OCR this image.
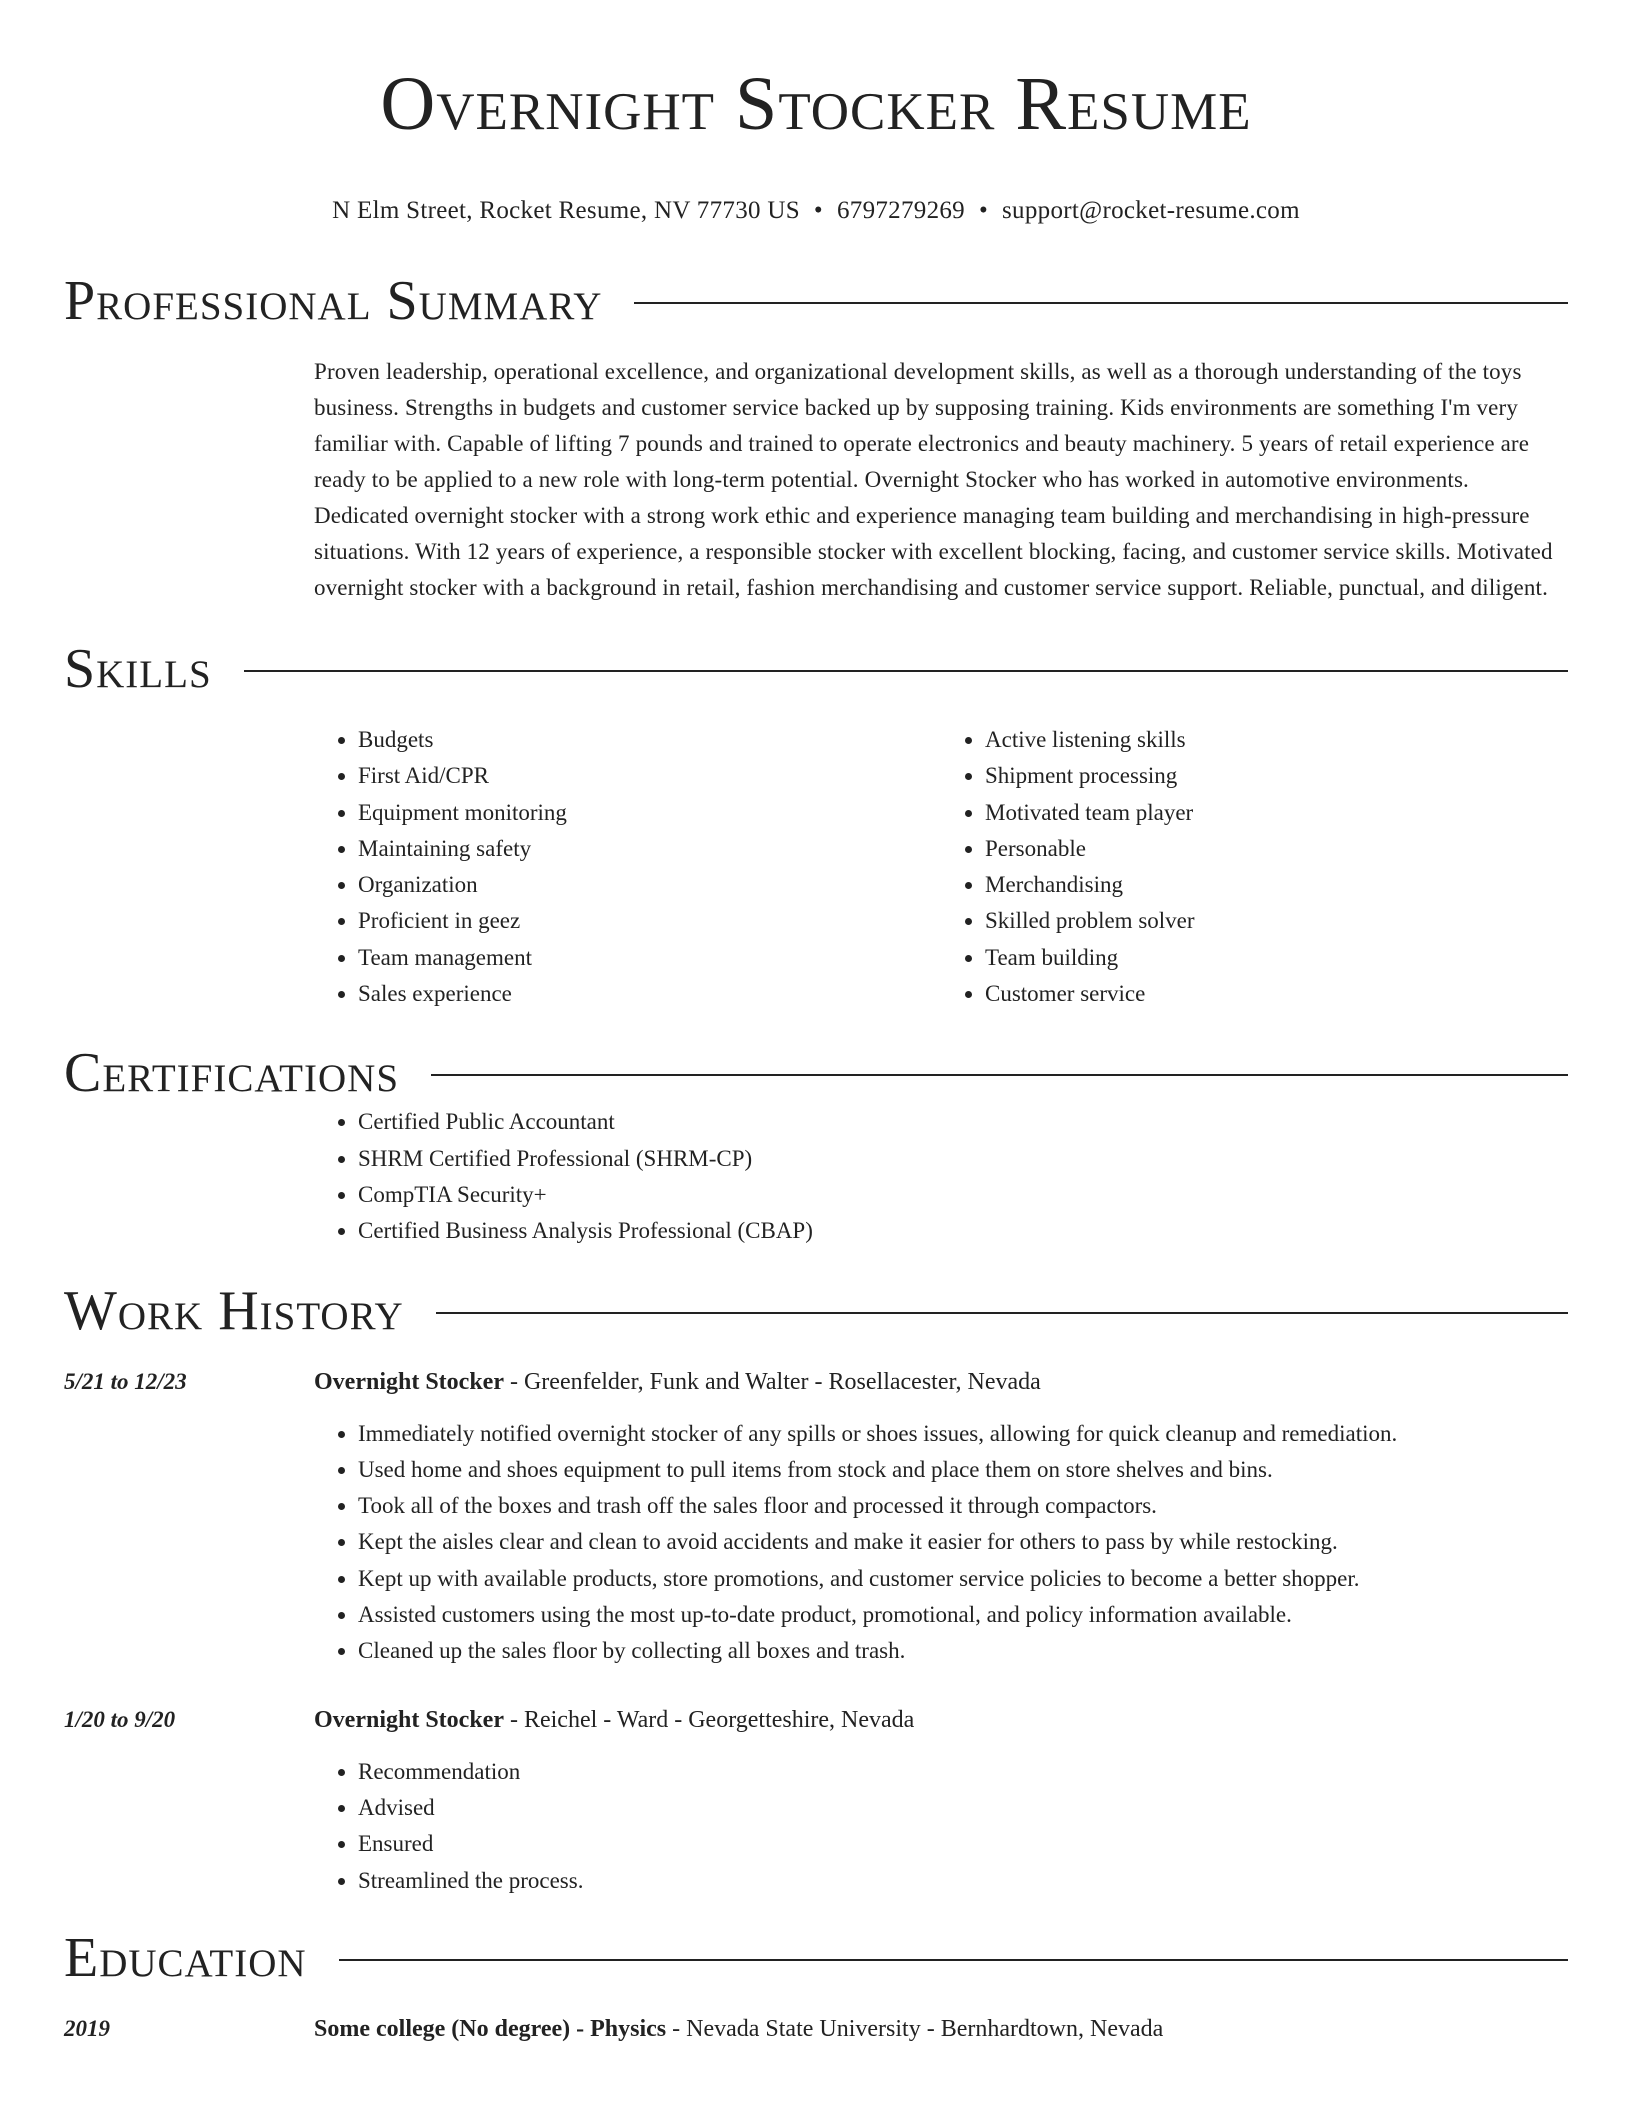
Overnight Stocker Resume
N Elm Street, Rocket Resume, NV 77730 US • 6797279269 • support@rocket-resume.com
Professional Summary

Proven leadership, operational excellence, and organizational development skills, as well as a thorough understanding of the toys business. Strengths in budgets and customer service backed up by supposing training. Kids environments are something I'm very familiar with. Capable of lifting 7 pounds and trained to operate electronics and beauty machinery. 5 years of retail experience are ready to be applied to a new role with long-term potential. Overnight Stocker who has worked in automotive environments. Dedicated overnight stocker with a strong work ethic and experience managing team building and merchandising in high-pressure situations. With 12 years of experience, a responsible stocker with excellent blocking, facing, and customer service skills. Motivated overnight stocker with a background in retail, fashion merchandising and customer service support. Reliable, punctual, and diligent.

Skills
• Budgets
• First Aid/CPR
• Equipment monitoring
• Maintaining safety
• Organization
• Proficient in geez
• Team management
• Sales experience
• Active listening skills
• Shipment processing
• Motivated team player
• Personable
• Merchandising
• Skilled problem solver
• Team building
• Customer service
Certifications
• Certified Public Accountant
• SHRM Certified Professional (SHRM-CP)
• CompTIA Security+
• Certified Business Analysis Professional (CBAP)
Work History
5/21 to 12/23	Overnight Stocker - Greenfelder, Funk and Walter - Rosellacester, Nevada
• Immediately notified overnight stocker of any spills or shoes issues, allowing for quick cleanup and remediation.
• Used home and shoes equipment to pull items from stock and place them on store shelves and bins.
• Took all of the boxes and trash off the sales floor and processed it through compactors.
• Kept the aisles clear and clean to avoid accidents and make it easier for others to pass by while restocking.
• Kept up with available products, store promotions, and customer service policies to become a better shopper.
• Assisted customers using the most up-to-date product, promotional, and policy information available.
• Cleaned up the sales floor by collecting all boxes and trash.
1/20 to 9/20	Overnight Stocker - Reichel - Ward - Georgetteshire, Nevada
• Recommendation
• Advised
• Ensured
• Streamlined the process.
Education
2019	Some college (No degree) - Physics - Nevada State University - Bernhardtown, Nevada
